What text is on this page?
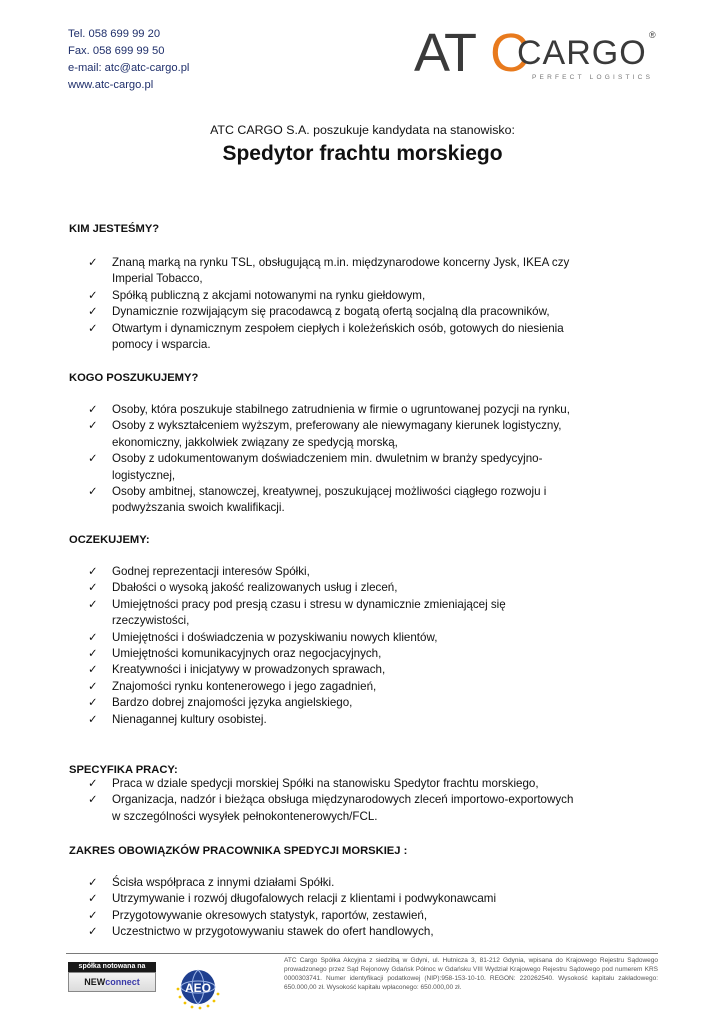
Tel. 058 699 99 20
Fax. 058 699 99 50
e-mail: atc@atc-cargo.pl
www.atc-cargo.pl
AT C
CARGO ®
PERFECT LOGISTICS
ATC CARGO S.A. poszukuje kandydata na stanowisko:
Spedytor frachtu morskiego
KIM JESTEŚMY?
✓ Znaną marką na rynku TSL, obsługującą m.in. międzynarodowe koncerny Jysk, IKEA czy
Imperial Tobacco,
✓ Spółką publiczną z akcjami notowanymi na rynku giełdowym,
✓ Dynamicznie rozwijającym się pracodawcą z bogatą ofertą socjalną dla pracowników,
✓ Otwartym i dynamicznym zespołem ciepłych i koleżeńskich osób, gotowych do niesienia
pomocy i wsparcia.
KOGO POSZUKUJEMY?
✓ Osoby, która poszukuje stabilnego zatrudnienia w firmie o ugruntowanej pozycji na rynku,
✓ Osoby z wykształceniem wyższym, preferowany ale niewymagany kierunek logistyczny,
ekonomiczny, jakkolwiek związany ze spedycją morską,
✓ Osoby z udokumentowanym doświadczeniem min. dwuletnim w branży spedycyjno-
logistycznej,
✓ Osoby ambitnej, stanowczej, kreatywnej, poszukującej możliwości ciągłego rozwoju i
podwyższania swoich kwalifikacji.
OCZEKUJEMY:
✓ Godnej reprezentacji interesów Spółki,
✓ Dbałości o wysoką jakość realizowanych usług i zleceń,
✓ Umiejętności pracy pod presją czasu i stresu w dynamicznie zmieniającej się
rzeczywistości,
✓ Umiejętności i doświadczenia w pozyskiwaniu nowych klientów,
✓ Umiejętności komunikacyjnych oraz negocjacyjnych,
✓ Kreatywności i inicjatywy w prowadzonych sprawach,
✓ Znajomości rynku kontenerowego i jego zagadnień,
✓ Bardzo dobrej znajomości języka angielskiego,
✓ Nienagannej kultury osobistej.
SPECYFIKA PRACY:
✓ Praca w dziale spedycji morskiej Spółki na stanowisku Spedytor frachtu morskiego,
✓ Organizacja, nadzór i bieżąca obsługa międzynarodowych zleceń importowo-exportowych
w szczególności wysyłek pełnokontenerowych/FCL.
ZAKRES OBOWIĄZKÓW PRACOWNIKA SPEDYCJI MORSKIEJ :
✓ Ścisła współpraca z innymi działami Spółki.
✓ Utrzymywanie i rozwój długofalowych relacji z klientami i podwykonawcami
✓ Przygotowywanie okresowych statystyk, raportów, zestawień,
✓ Uczestnictwo w przygotowywaniu stawek do ofert handlowych,
spółka notowana na
NEWconnect	AEO
ATC Cargo Spółka Akcyjna z siedzibą w Gdyni, ul. Hutnicza 3, 81-212 Gdynia, wpisana do Krajowego Rejestru Sądowego prowadzonego przez Sąd Rejonowy Gdańsk Północ w Gdańsku VIII Wydział Krajowego Rejestru Sądowego pod numerem KRS 0000303741. Numer identyfikacji podatkowej (NIP):958-153-10-10. REGON: 220262540. Wysokość kapitału zakładowego: 650.000,00 zł. Wysokość kapitału wpłaconego: 650.000,00 zł.
